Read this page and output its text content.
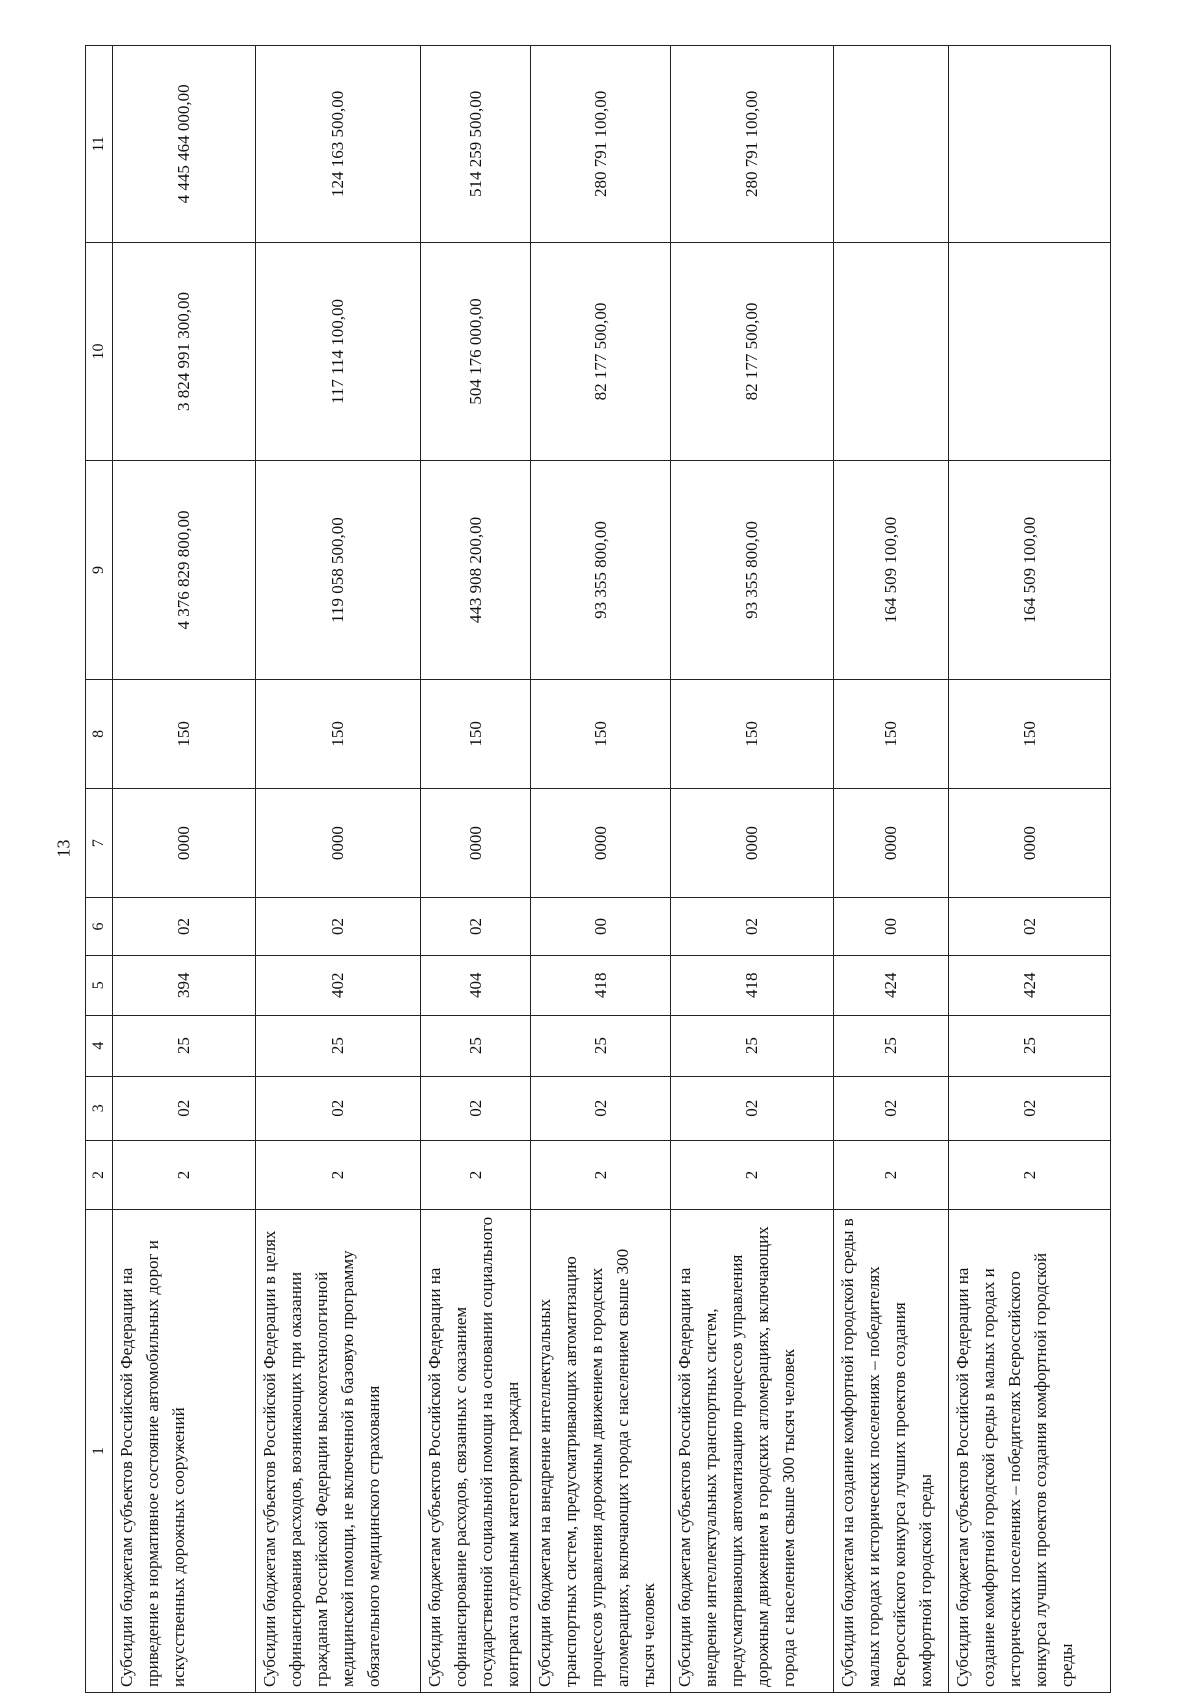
13
1	2	3	4	5	6	7	8	9	10	11
Субсидии бюджетам субъектов Российской Федерации на приведение в нормативное состояние автомобильных дорог и искусственных дорожных сооружений	2	02	25	394	02	0000	150	4 376 829 800,00	3 824 991 300,00	4 445 464 000,00
Субсидии бюджетам субъектов Российской Федерации в целях софинансирования расходов, возникающих при оказании гражданам Российской Федерации высокотехнологичной медицинской помощи, не включенной в базовую программу обязательного медицинского страхования	2	02	25	402	02	0000	150	119 058 500,00	117 114 100,00	124 163 500,00
Субсидии бюджетам субъектов Российской Федерации на софинансирование расходов, связанных с оказанием государственной социальной помощи на основании социального контракта отдельным категориям граждан	2	02	25	404	02	0000	150	443 908 200,00	504 176 000,00	514 259 500,00
Субсидии бюджетам на внедрение интеллектуальных транспортных систем, предусматривающих автоматизацию процессов управления дорожным движением в городских агломерациях, включающих города с населением свыше 300 тысяч человек	2	02	25	418	00	0000	150	93 355 800,00	82 177 500,00	280 791 100,00
Субсидии бюджетам субъектов Российской Федерации на внедрение интеллектуальных транспортных систем, предусматривающих автоматизацию процессов управления дорожным движением в городских агломерациях, включающих города с населением свыше 300 тысяч человек	2	02	25	418	02	0000	150	93 355 800,00	82 177 500,00	280 791 100,00
Субсидии бюджетам на создание комфортной городской среды в малых городах и исторических поселениях – победителях Всероссийского конкурса лучших проектов создания комфортной городской среды	2	02	25	424	00	0000	150	164 509 100,00		
Субсидии бюджетам субъектов Российской Федерации на создание комфортной городской среды в малых городах и исторических поселениях – победителях Всероссийского конкурса лучших проектов создания комфортной городской среды	2	02	25	424	02	0000	150	164 509 100,00		
